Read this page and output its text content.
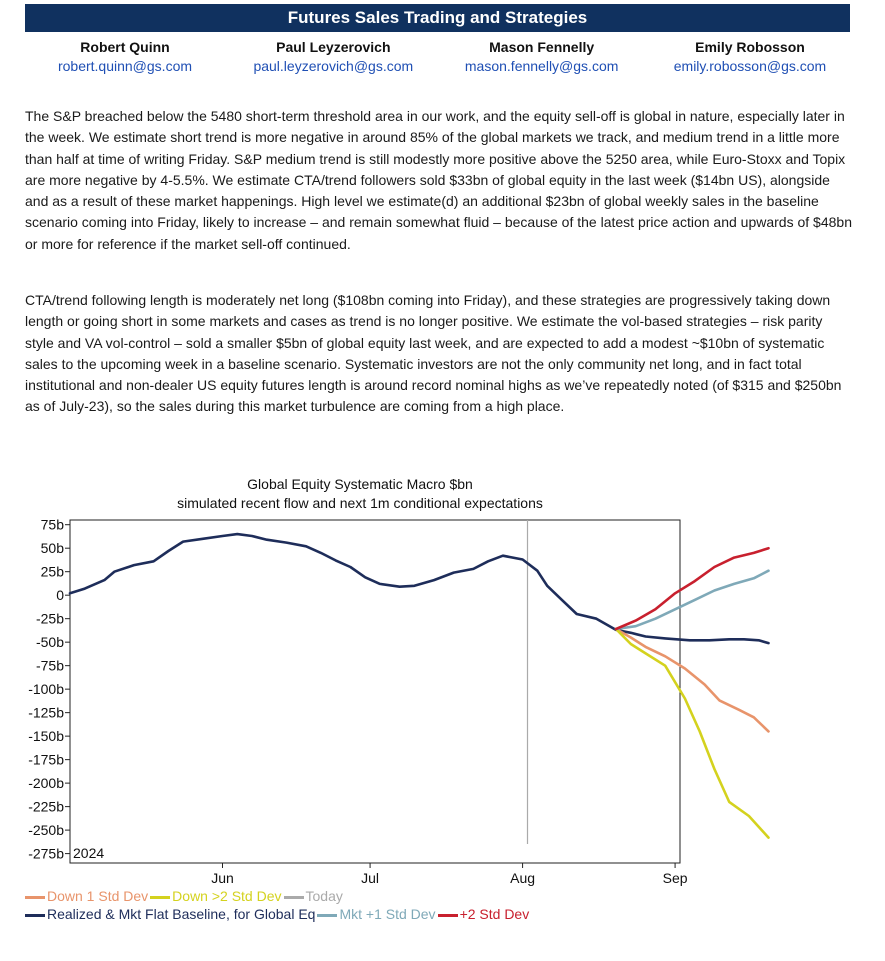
Futures Sales Trading and Strategies
Robert Quinn
robert.quinn@gs.com
Paul Leyzerovich
paul.leyzerovich@gs.com
Mason Fennelly
mason.fennelly@gs.com
Emily Robosson
emily.robosson@gs.com

The S&P breached below the 5480 short-term threshold area in our work, and the equity sell-off is global in nature, especially later in the week. We estimate short trend is more negative in around 85% of the global markets we track, and medium trend in a little more than half at time of writing Friday. S&P medium trend is still modestly more positive above the 5250 area, while Euro-Stoxx and Topix are more negative by 4-5.5%. We estimate CTA/trend followers sold $33bn of global equity in the last week ($14bn US), alongside and as a result of these market happenings. High level we estimate(d) an additional $23bn of global weekly sales in the baseline scenario coming into Friday, likely to increase – and remain somewhat fluid – because of the latest price action and upwards of $48bn or more for reference if the market sell-off continued.

CTA/trend following length is moderately net long ($108bn coming into Friday), and these strategies are progressively taking down length or going short in some markets and cases as trend is no longer positive. We estimate the vol-based strategies – risk parity style and VA vol-control – sold a smaller $5bn of global equity last week, and are expected to add a modest ~$10bn of systematic sales to the upcoming week in a baseline scenario. Systematic investors are not the only community net long, and in fact total institutional and non-dealer US equity futures length is around record nominal highs as we’ve repeatedly noted (of $315 and $250bn as of July-23), so the sales during this market turbulence are coming from a high place.

Global Equity Systematic Macro $bn
simulated recent flow and next 1m conditional expectations
75b
50b
25b
0
-25b
-50b
-75b
-100b
-125b
-150b
-175b
-200b
-225b
-250b
-275b
Jun	Jul	Aug	Sep
2024
Down 1 Std Dev Down >2 Std Dev Today
Realized & Mkt Flat Baseline, for Global Eq Mkt +1 Std Dev +2 Std Dev
